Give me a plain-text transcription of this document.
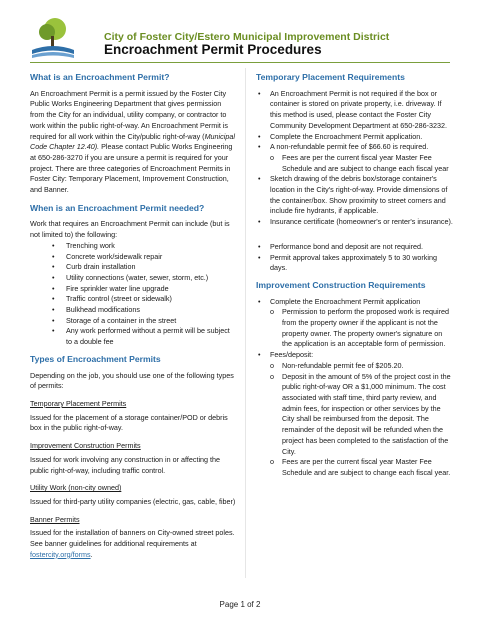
City of Foster City/Estero Municipal Improvement District
Encroachment Permit Procedures
What is an Encroachment Permit?

An Encroachment Permit is a permit issued by the Foster City Public Works Engineering Department that gives permission from the City for an individual, utility company, or contractor to work within the public right-of-way. An Encroachment Permit is required for all work within the City/public right-of-way (Municipal Code Chapter 12.40). Please contact Public Works Engineering at 650-286-3270 if you are unsure a permit is required for your project. There are three categories of Encroachment Permits in Foster City: Temporary Placement, Improvement Construction, and Banner.

When is an Encroachment Permit needed?

Work that requires an Encroachment Permit can include (but is not limited to) the following:

• Trenching work
• Concrete work/sidewalk repair
• Curb drain installation
• Utility connections (water, sewer, storm, etc.)
• Fire sprinkler water line upgrade
• Traffic control (street or sidewalk)
• Bulkhead modifications
• Storage of a container in the street
• Any work performed without a permit will be subject to a double fee
Types of Encroachment Permits

Depending on the job, you should use one of the following types of permits:

Temporary Placement Permits

Issued for the placement of a storage container/POD or debris box in the public right-of-way.

Improvement Construction Permits

Issued for work involving any construction in or affecting the public right-of-way, including traffic control.

Utility Work (non-city owned)

Issued for third-party utility companies (electric, gas, cable, fiber)

Banner Permits

Issued for the installation of banners on City-owned street poles. See banner guidelines for additional requirements at fostercity.org/forms.

Temporary Placement Requirements
• An Encroachment Permit is not required if the box or container is stored on private property, i.e. driveway. If this method is used, please contact the Foster City Community Development Department at 650-286-3232.
• Complete the Encroachment Permit application.
• A non-refundable permit fee of $66.60 is required.
o Fees are per the current fiscal year Master Fee Schedule and are subject to change each fiscal year
• Sketch drawing of the debris box/storage container's location in the City's right-of-way. Provide dimensions of the container/box. Show proximity to street corners and include fire hydrants, if applicable.
• Insurance certificate (homeowner's or renter's insurance).
• Performance bond and deposit are not required.
• Permit approval takes approximately 5 to 30 working days.
Improvement Construction Requirements
• Complete the Encroachment Permit application
o Permission to perform the proposed work is required from the property owner if the applicant is not the property owner. The property owner's signature on the application is an acceptable form of permission.
• Fees/deposit:
o Non-refundable permit fee of $205.20.
o Deposit in the amount of 5% of the project cost in the public right-of-way OR a $1,000 minimum. The cost associated with staff time, third party review, and admin fees, for inspection or other services by the City shall be reimbursed from the deposit. The remainder of the deposit will be refunded when the project has been completed to the satisfaction of the City.
o Fees are per the current fiscal year Master Fee Schedule and are subject to change each fiscal year.
Page 1 of 2
